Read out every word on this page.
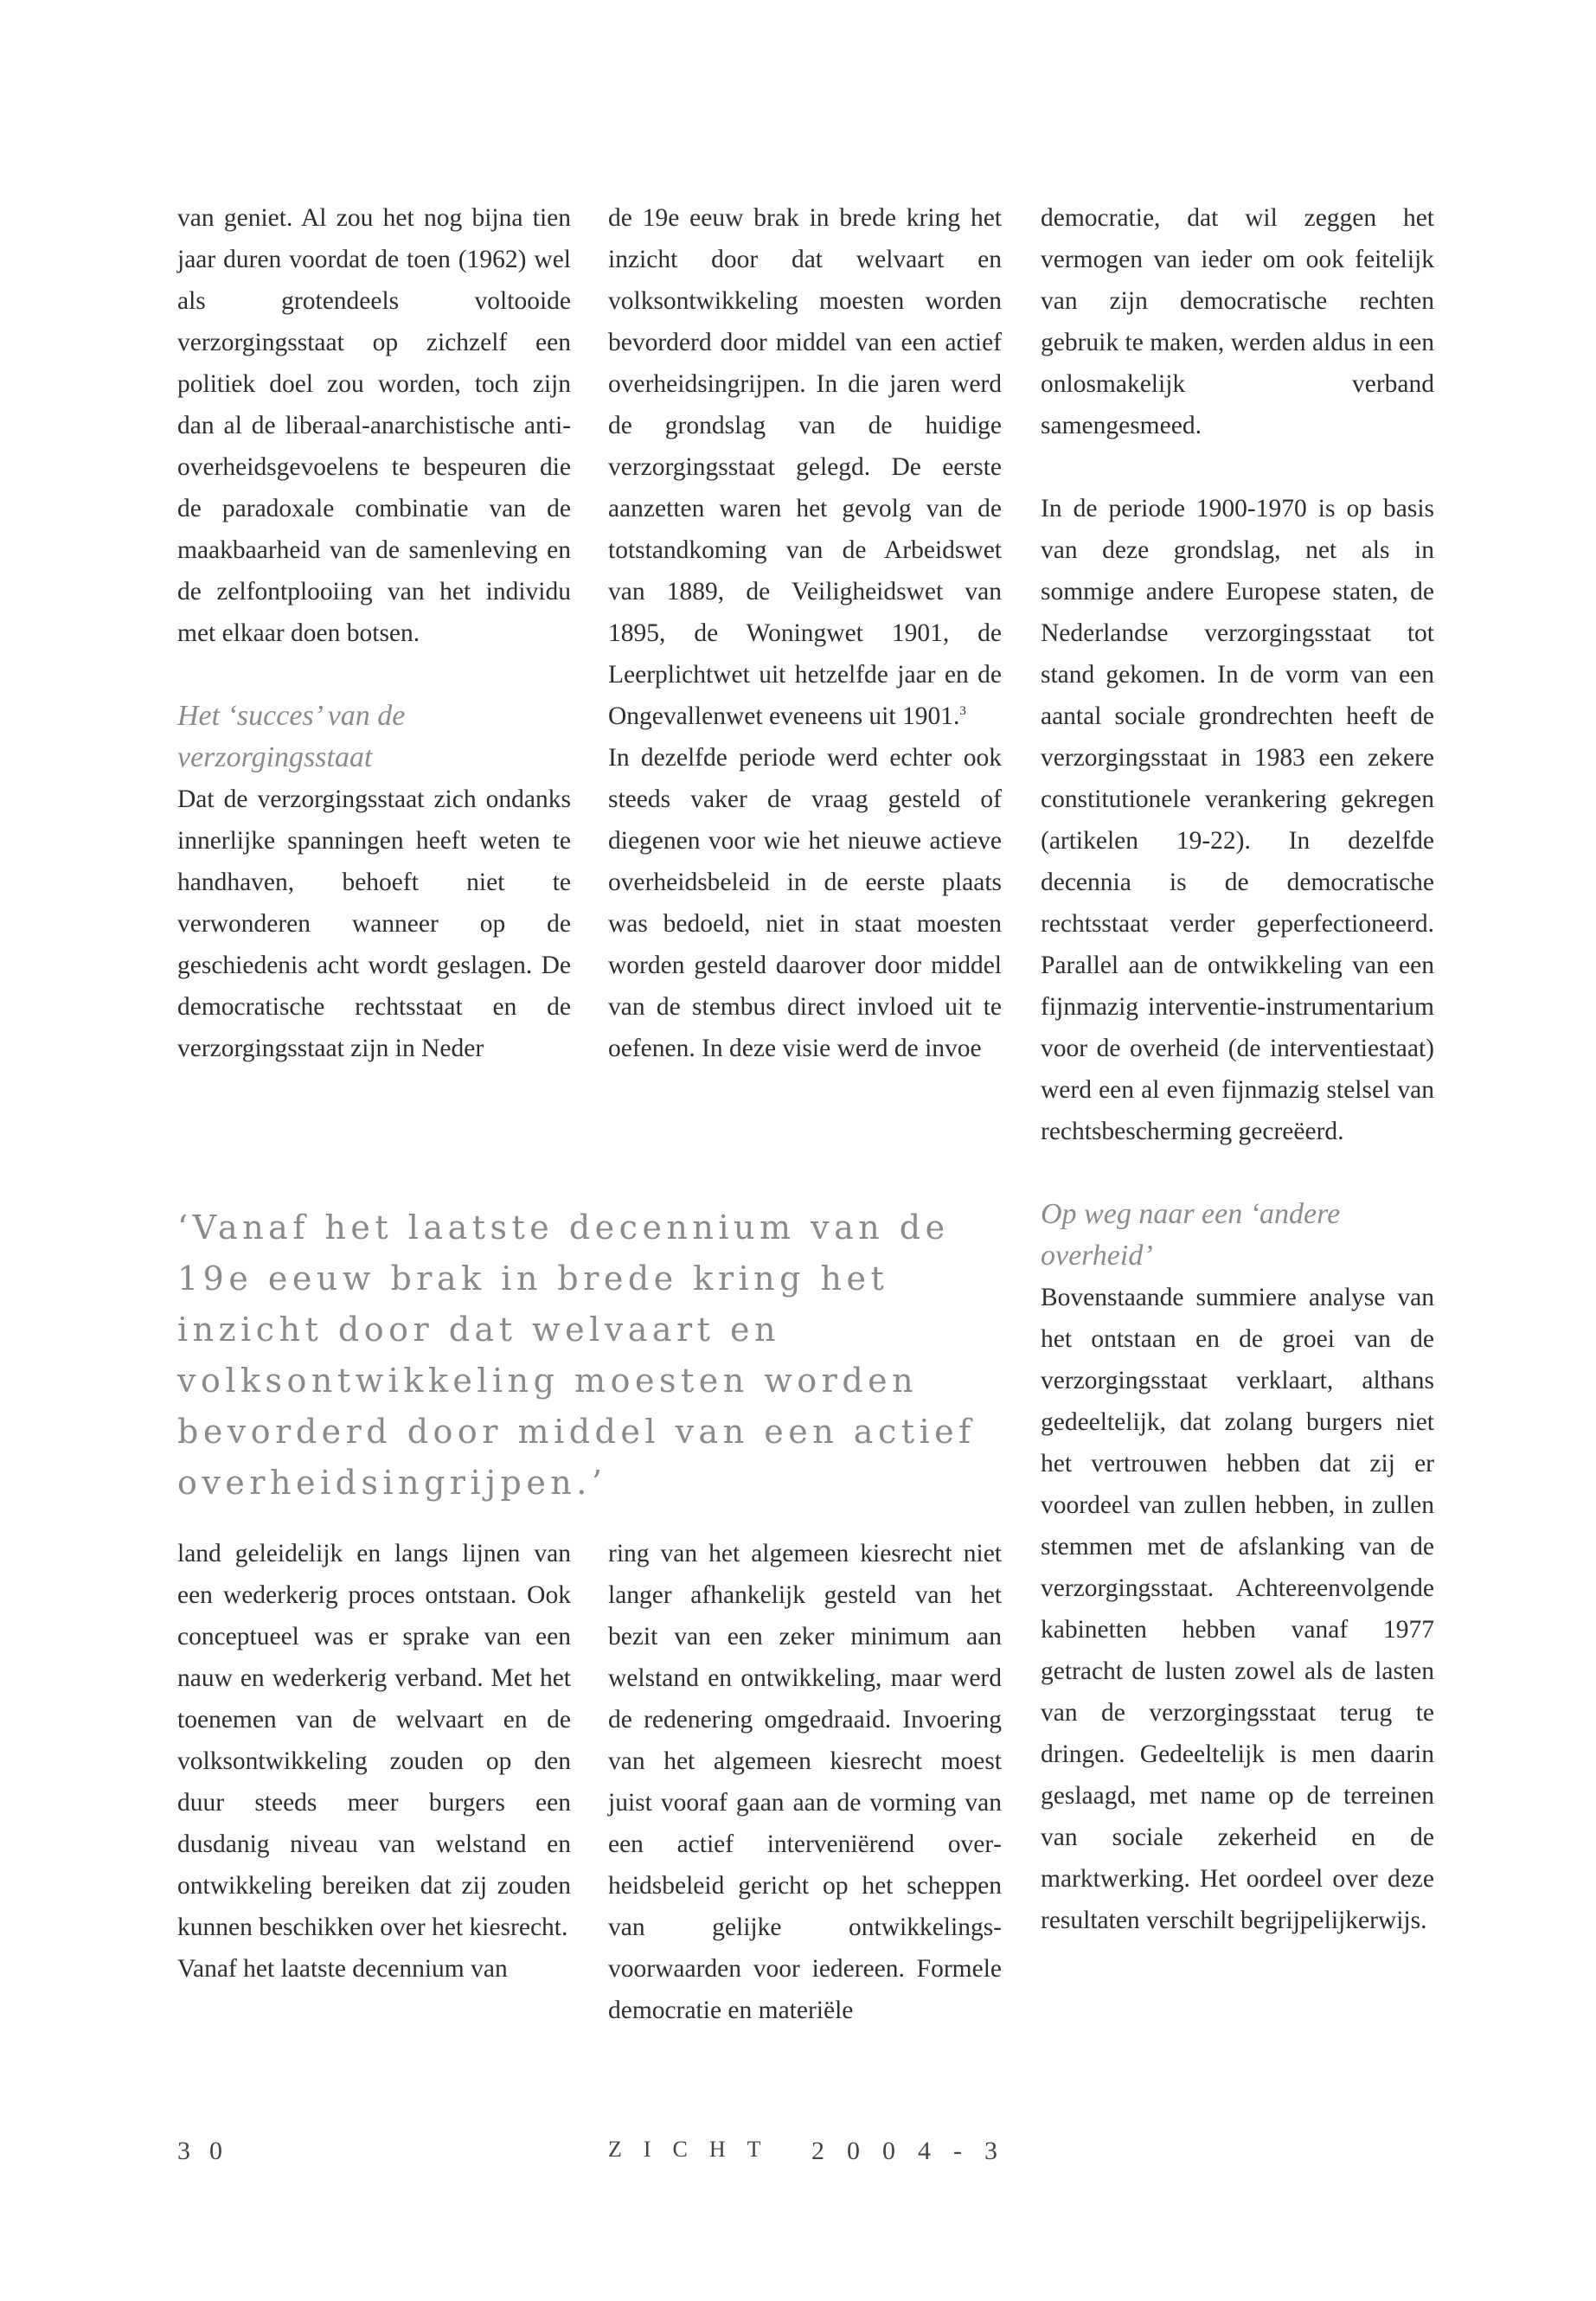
van geniet. Al zou het nog bijna tien jaar duren voordat de toen (1962) wel als grotendeels voltooide verzorgingsstaat op zichzelf een politiek doel zou worden, toch zijn dan al de liberaal-anarchistische anti-overheidsgevoelens te bespeuren die de paradoxale combinatie van de maakbaarheid van de samenleving en de zelfontplooiing van het individu met elkaar doen botsen.

Het ‘succes’ van de verzorgingsstaat

Dat de verzorgingsstaat zich ondanks innerlijke spanningen heeft weten te handhaven, behoeft niet te verwonderen wanneer op de geschiedenis acht wordt geslagen. De democratische rechtsstaat en de verzorgingsstaat zijn in Neder

de 19e eeuw brak in brede kring het inzicht door dat welvaart en volksontwikkeling moesten worden bevorderd door middel van een actief overheidsingrijpen. In die jaren werd de grondslag van de huidige verzorgingsstaat gelegd. De eerste aanzetten waren het gevolg van de totstandkoming van de Arbeidswet van 1889, de Veiligheidswet van 1895, de Woningwet 1901, de Leerplichtwet uit hetzelfde jaar en de Ongevallenwet eveneens uit 1901.$^3$

In dezelfde periode werd echter ook steeds vaker de vraag gesteld of diegenen voor wie het nieuwe actieve overheidsbeleid in de eerste plaats was bedoeld, niet in staat moesten worden gesteld daarover door middel van de stembus direct invloed uit te oefenen. In deze visie werd de invoe

democratie, dat wil zeggen het vermogen van ieder om ook feitelijk van zijn democratische rechten gebruik te maken, werden aldus in een onlosmakelijk verband samengesmeed.

In de periode 1900-1970 is op basis van deze grondslag, net als in sommige andere Europese staten, de Nederlandse verzorgingsstaat tot stand gekomen. In de vorm van een aantal sociale grondrechten heeft de verzorgingsstaat in 1983 een zekere constitutionele verankering gekregen (artikelen 19-22). In dezelfde decennia is de democratische rechtsstaat verder geperfectioneerd. Parallel aan de ontwikkeling van een fijnmazig interventie-instrumentarium voor de overheid (de interventiestaat) werd een al even fijnmazig stelsel van rechtsbescherming gecreëerd.

Op weg naar een ‘andere overheid’

Bovenstaande summiere analyse van het ontstaan en de groei van de verzorgingsstaat verklaart, althans gedeeltelijk, dat zolang burgers niet het vertrouwen hebben dat zij er voordeel van zullen hebben, in zullen stemmen met de afslanking van de verzorgingsstaat. Achtereenvolgende kabinetten hebben vanaf 1977 getracht de lusten zowel als de lasten van de verzorgingsstaat terug te dringen. Gedeeltelijk is men daarin geslaagd, met name op de terreinen van sociale zekerheid en de marktwerking. Het oordeel over deze resultaten verschilt begrijpelijkerwijs.

‘Vanaf het laatste decennium van de 19e eeuw brak in brede kring het inzicht door dat welvaart en volksontwikkeling moesten worden bevorderd door middel van een actief overheidsingrijpen.’

land geleidelijk en langs lijnen van een wederkerig proces ontstaan. Ook conceptueel was er sprake van een nauw en wederkerig verband. Met het toenemen van de welvaart en de volksontwikkeling zouden op den duur steeds meer burgers een dusdanig niveau van welstand en ontwikkeling bereiken dat zij zouden kunnen beschikken over het kiesrecht.

Vanaf het laatste decennium van

ring van het algemeen kiesrecht niet langer afhankelijk gesteld van het bezit van een zeker minimum aan welstand en ontwikkeling, maar werd de redenering omgedraaid. Invoering van het algemeen kiesrecht moest juist vooraf gaan aan de vorming van een actief interveniërend overheidsbeleid gericht op het scheppen van gelijke ontwikkelingsvoorwaarden voor iedereen. Formele democratie en materiële

30	ZICHT 2004-3
